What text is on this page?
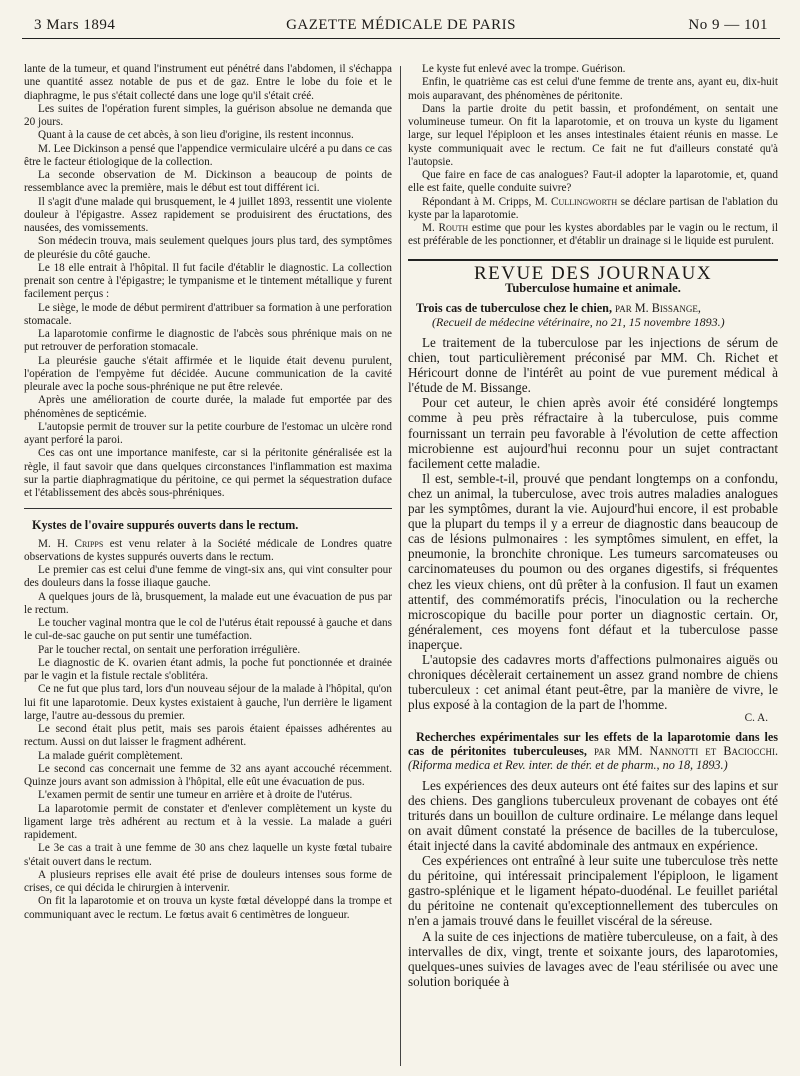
3 Mars 1894	GAZETTE MÉDICALE DE PARIS	No 9 — 101

lante de la tumeur, et quand l'instrument eut pénétré dans l'abdomen, il s'échappa une quantité assez notable de pus et de gaz. Entre le lobe du foie et le diaphragme, le pus s'était collecté dans une loge qu'il s'était créé.

Les suites de l'opération furent simples, la guérison absolue ne demanda que 20 jours.

Quant à la cause de cet abcès, à son lieu d'origine, ils restent inconnus.

M. Lee Dickinson a pensé que l'appendice vermiculaire ulcéré a pu dans ce cas être le facteur étiologique de la collection.

La seconde observation de M. Dickinson a beaucoup de points de ressemblance avec la première, mais le début est tout différent ici.

Il s'agit d'une malade qui brusquement, le 4 juillet 1893, ressentit une violente douleur à l'épigastre. Assez rapidement se produisirent des éructations, des nausées, des vomissements.

Son médecin trouva, mais seulement quelques jours plus tard, des symptômes de pleurésie du côté gauche.

Le 18 elle entrait à l'hôpital. Il fut facile d'établir le diagnostic. La collection prenait son centre à l'épigastre; le tympanisme et le tintement métallique y furent facilement perçus :

Le siège, le mode de début permirent d'attribuer sa formation à une perforation stomacale.

La laparotomie confirme le diagnostic de l'abcès sous phrénique mais on ne put retrouver de perforation stomacale.

La pleurésie gauche s'était affirmée et le liquide était devenu purulent, l'opération de l'empyème fut décidée. Aucune communication de la cavité pleurale avec la poche sous-phrénique ne put être relevée.

Après une amélioration de courte durée, la malade fut emportée par des phénomènes de septicémie.

L'autopsie permit de trouver sur la petite courbure de l'estomac un ulcère rond ayant perforé la paroi.

Ces cas ont une importance manifeste, car si la péritonite généralisée est la règle, il faut savoir que dans quelques circonstances l'inflammation est maxima sur la partie diaphragmatique du péritoine, ce qui permet la séquestration duface et l'établissement des abcès sous-phréniques.

Kystes de l'ovaire suppurés ouverts dans le rectum.

M. H. Cripps est venu relater à la Société médicale de Londres quatre observations de kystes suppurés ouverts dans le rectum.

Le premier cas est celui d'une femme de vingt-six ans, qui vint consulter pour des douleurs dans la fosse iliaque gauche.

A quelques jours de là, brusquement, la malade eut une évacuation de pus par le rectum.

Le toucher vaginal montra que le col de l'utérus était repoussé à gauche et dans le cul-de-sac gauche on put sentir une tuméfaction.

Par le toucher rectal, on sentait une perforation irrégulière.

Le diagnostic de K. ovarien étant admis, la poche fut ponctionnée et drainée par le vagin et la fistule rectale s'oblitéra.

Ce ne fut que plus tard, lors d'un nouveau séjour de la malade à l'hôpital, qu'on lui fit une laparotomie. Deux kystes existaient à gauche, l'un derrière le ligament large, l'autre au-dessous du premier.

Le second était plus petit, mais ses parois étaient épaisses adhérentes au rectum. Aussi on dut laisser le fragment adhérent.

La malade guérit complètement.

Le second cas concernait une femme de 32 ans ayant accouché récemment. Quinze jours avant son admission à l'hôpital, elle eût une évacuation de pus.

L'examen permit de sentir une tumeur en arrière et à droite de l'utérus.

La laparotomie permit de constater et d'enlever complètement un kyste du ligament large très adhérent au rectum et à la vessie. La malade a guéri rapidement.

Le 3e cas a trait à une femme de 30 ans chez laquelle un kyste fœtal tubaire s'était ouvert dans le rectum.

A plusieurs reprises elle avait été prise de douleurs intenses sous forme de crises, ce qui décida le chirurgien à intervenir.

On fit la laparotomie et on trouva un kyste fœtal développé dans la trompe et communiquant avec le rectum. Le fœtus avait 6 centimètres de longueur.

Le kyste fut enlevé avec la trompe. Guérison.

Enfin, le quatrième cas est celui d'une femme de trente ans, ayant eu, dix-huit mois auparavant, des phénomènes de péritonite.

Dans la partie droite du petit bassin, et profondément, on sentait une volumineuse tumeur. On fit la laparotomie, et on trouva un kyste du ligament large, sur lequel l'épiploon et les anses intestinales étaient réunis en masse. Le kyste communiquait avec le rectum. Ce fait ne fut d'ailleurs constaté qu'à l'autopsie.

Que faire en face de cas analogues? Faut-il adopter la laparotomie, et, quand elle est faite, quelle conduite suivre?

Répondant à M. Cripps, M. Cullingworth se déclare partisan de l'ablation du kyste par la laparotomie.

M. Routh estime que pour les kystes abordables par le vagin ou le rectum, il est préférable de les ponctionner, et d'établir un drainage si le liquide est purulent.

REVUE DES JOURNAUX
Tuberculose humaine et animale.
Trois cas de tuberculose chez le chien, par M. Bissange,
(Recueil de médecine vétérinaire, no 21, 15 novembre 1893.)

Le traitement de la tuberculose par les injections de sérum de chien, tout particulièrement préconisé par MM. Ch. Richet et Héricourt donne de l'intérêt au point de vue purement médical à l'étude de M. Bissange.

Pour cet auteur, le chien après avoir été considéré longtemps comme à peu près réfractaire à la tuberculose, puis comme fournissant un terrain peu favorable à l'évolution de cette affection microbienne est aujourd'hui reconnu pour un sujet contractant facilement cette maladie.

Il est, semble-t-il, prouvé que pendant longtemps on a confondu, chez un animal, la tuberculose, avec trois autres maladies analogues par les symptômes, durant la vie. Aujourd'hui encore, il est probable que la plupart du temps il y a erreur de diagnostic dans beaucoup de cas de lésions pulmonaires : les symptômes simulent, en effet, la pneumonie, la bronchite chronique. Les tumeurs sarcomateuses ou carcinomateuses du poumon ou des organes digestifs, si fréquentes chez les vieux chiens, ont dû prêter à la confusion. Il faut un examen attentif, des commémoratifs précis, l'inoculation ou la recherche microscopique du bacille pour porter un diagnostic certain. Or, généralement, ces moyens font défaut et la tuberculose passe inaperçue.

L'autopsie des cadavres morts d'affections pulmonaires aiguës ou chroniques décèlerait certainement un assez grand nombre de chiens tuberculeux : cet animal étant peut-être, par la manière de vivre, le plus exposé à la contagion de la part de l'homme.

C. A.
Recherches expérimentales sur les effets de la laparotomie dans les cas de péritonites tuberculeuses, par MM. Nannotti et Baciocchi. (Riforma medica et Rev. inter. de thér. et de pharm., no 18, 1893.)

Les expériences des deux auteurs ont été faites sur des lapins et sur des chiens. Des ganglions tuberculeux provenant de cobayes ont été triturés dans un bouillon de culture ordinaire. Le mélange dans lequel on avait dûment constaté la présence de bacilles de la tuberculose, était injecté dans la cavité abdominale des antmaux en expérience.

Ces expériences ont entraîné à leur suite une tuberculose très nette du péritoine, qui intéressait principalement l'épiploon, le ligament gastro-splénique et le ligament hépato-duodénal. Le feuillet pariétal du péritoine ne contenait qu'exceptionnellement des tubercules on n'en a jamais trouvé dans le feuillet viscéral de la séreuse.

A la suite de ces injections de matière tuberculeuse, on a fait, à des intervalles de dix, vingt, trente et soixante jours, des laparotomies, quelques-unes suivies de lavages avec de l'eau stérilisée ou avec une solution boriquée à
